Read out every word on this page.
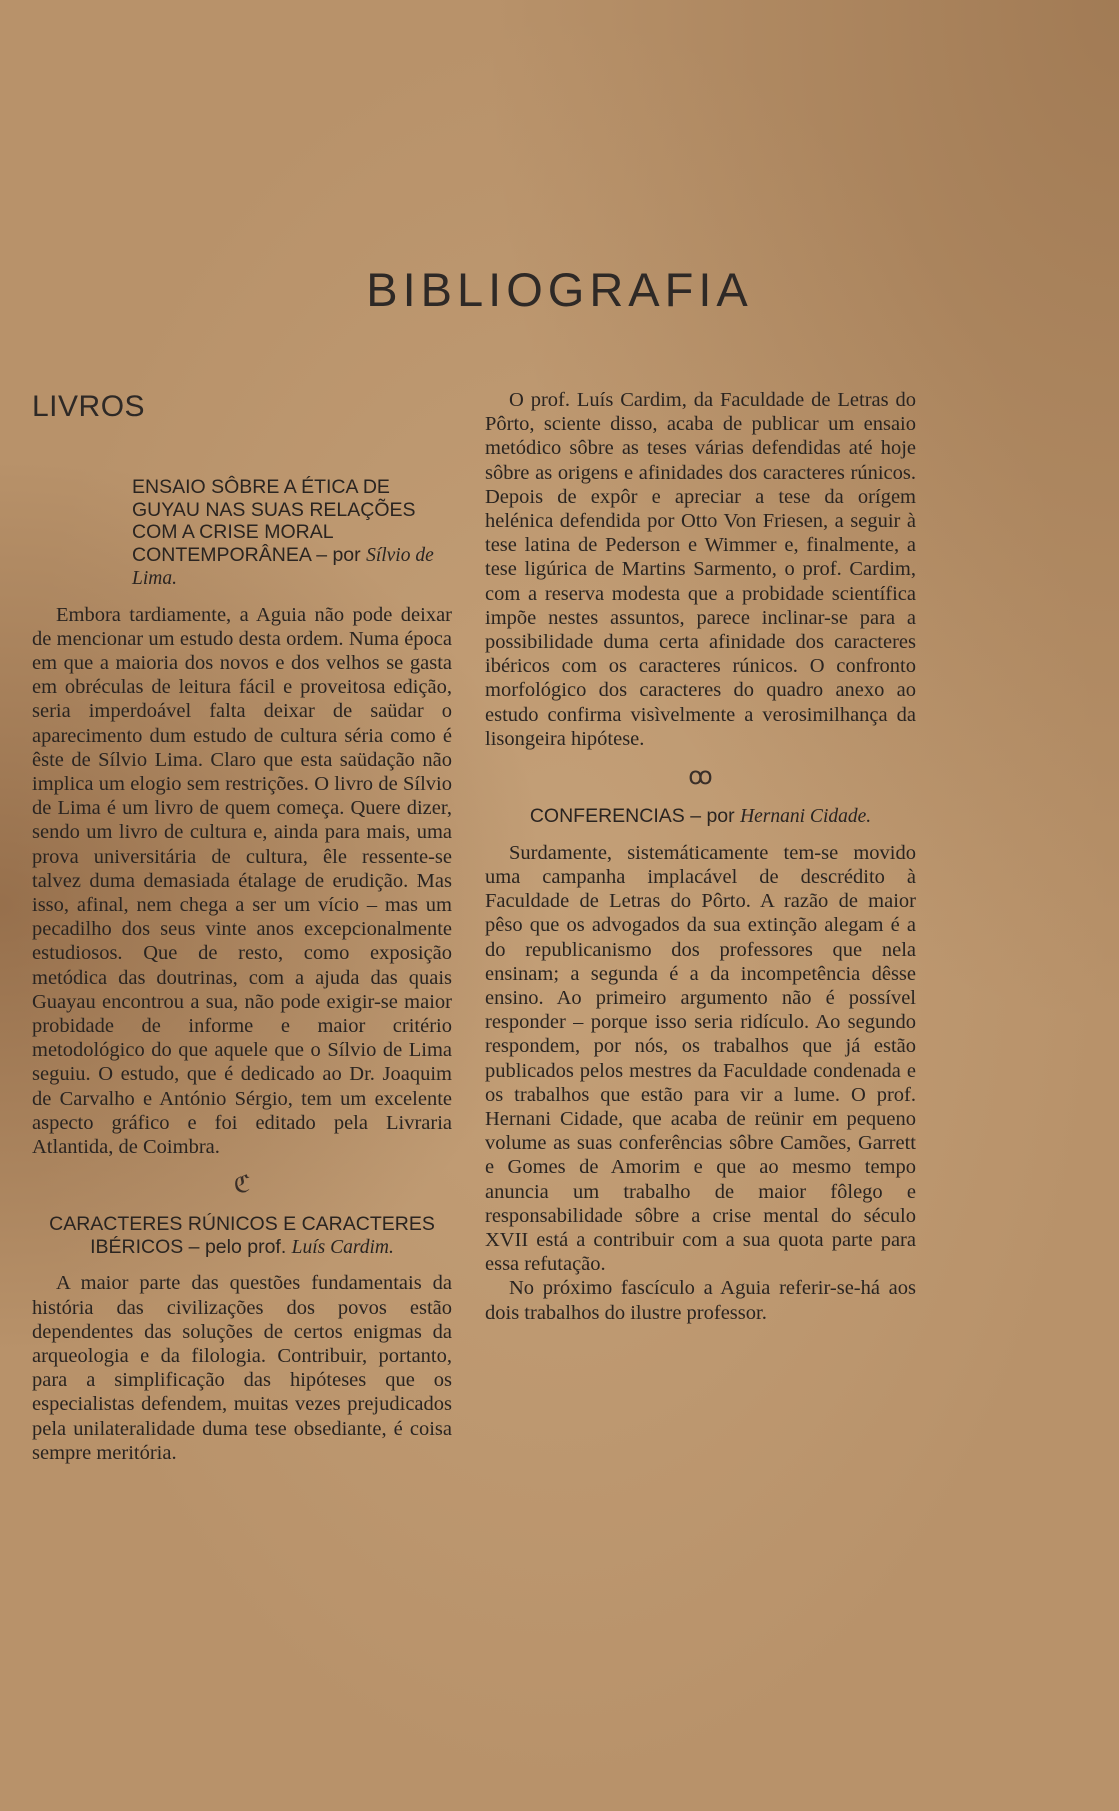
BIBLIOGRAFIA
LIVROS
ENSAIO SÔBRE A ÉTICA DE GUYAU NAS SUAS RELAÇÕES COM A CRISE MORAL CONTEMPORÂNEA – por Sílvio de Lima.

Embora tardiamente, a Aguia não pode deixar de mencionar um estudo desta ordem. Numa época em que a maioria dos novos e dos velhos se gasta em obréculas de leitura fácil e proveitosa edição, seria imperdoável falta deixar de saüdar o aparecimento dum estudo de cultura séria como é êste de Sílvio Lima. Claro que esta saüdação não implica um elogio sem restrições. O livro de Sílvio de Lima é um livro de quem começa. Quere dizer, sendo um livro de cultura e, ainda para mais, uma prova universitária de cultura, êle ressente-se talvez duma demasiada étalage de erudição. Mas isso, afinal, nem chega a ser um vício – mas um pecadilho dos seus vinte anos excepcionalmente estudiosos. Que de resto, como exposição metódica das doutrinas, com a ajuda das quais Guayau encontrou a sua, não pode exigir-se maior probidade de informe e maior critério metodológico do que aquele que o Sílvio de Lima seguiu. O estudo, que é dedicado ao Dr. Joaquim de Carvalho e António Sérgio, tem um excelente aspecto gráfico e foi editado pela Livraria Atlantida, de Coimbra.

ℭ
CARACTERES RÚNICOS E CARACTERES IBÉRICOS – pelo prof. Luís Cardim.

A maior parte das questões fundamentais da história das civilizações dos povos estão dependentes das soluções de certos enigmas da arqueologia e da filologia. Contribuir, portanto, para a simplificação das hipóteses que os especialistas defendem, muitas vezes prejudicados pela unilateralidade duma tese obsediante, é coisa sempre meritória.

O prof. Luís Cardim, da Faculdade de Letras do Pôrto, sciente disso, acaba de publicar um ensaio metódico sôbre as teses várias defendidas até hoje sôbre as origens e afinidades dos caracteres rúnicos. Depois de expôr e apreciar a tese da orígem helénica defendida por Otto Von Friesen, a seguir à tese latina de Pederson e Wimmer e, finalmente, a tese ligúrica de Martins Sarmento, o prof. Cardim, com a reserva modesta que a probidade scientífica impõe nestes assuntos, parece inclinar-se para a possibilidade duma certa afinidade dos caracteres ibéricos com os caracteres rúnicos. O confronto morfológico dos caracteres do quadro anexo ao estudo confirma visìvelmente a verosimilhança da lisongeira hipótese.

ꝏ
CONFERENCIAS – por Hernani Cidade.

Surdamente, sistemáticamente tem-se movido uma campanha implacável de descrédito à Faculdade de Letras do Pôrto. A razão de maior pêso que os advogados da sua extinção alegam é a do republicanismo dos professores que nela ensinam; a segunda é a da incompetência dêsse ensino. Ao primeiro argumento não é possível responder – porque isso seria ridículo. Ao segundo respondem, por nós, os trabalhos que já estão publicados pelos mestres da Faculdade condenada e os trabalhos que estão para vir a lume. O prof. Hernani Cidade, que acaba de reünir em pequeno volume as suas conferências sôbre Camões, Garrett e Gomes de Amorim e que ao mesmo tempo anuncia um trabalho de maior fôlego e responsabilidade sôbre a crise mental do século XVII está a contribuir com a sua quota parte para essa refutação.

No próximo fascículo a Aguia referir-se-há aos dois trabalhos do ilustre professor.
